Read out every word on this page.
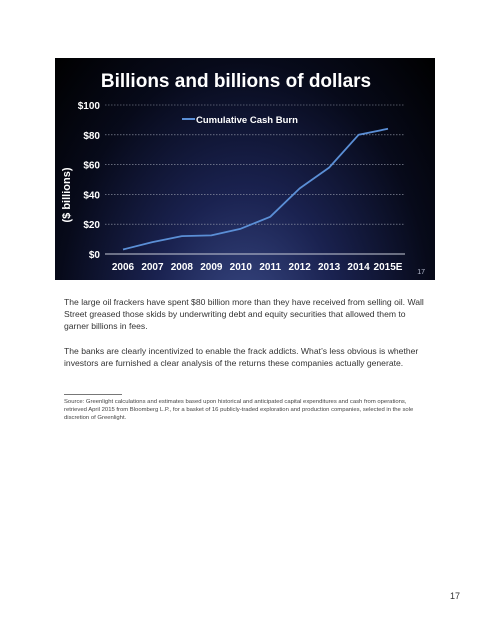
Billions and billions of dollars
($ billions)
$0
$20
$40
$60
$80
$100
2006 2007 2008 2009 2010 2011 2012 2013 2014 2015E
Cumulative Cash Burn
17

The large oil frackers have spent $80 billion more than they have received from selling oil. Wall Street greased those skids by underwriting debt and equity securities that allowed them to garner billions in fees.

The banks are clearly incentivized to enable the frack addicts. What’s less obvious is whether investors are furnished a clear analysis of the returns these companies actually generate.

Source: Greenlight calculations and estimates based upon historical and anticipated capital expenditures and cash from operations, retrieved April 2015 from Bloomberg L.P., for a basket of 16 publicly-traded exploration and production companies, selected in the sole discretion of Greenlight.

17
